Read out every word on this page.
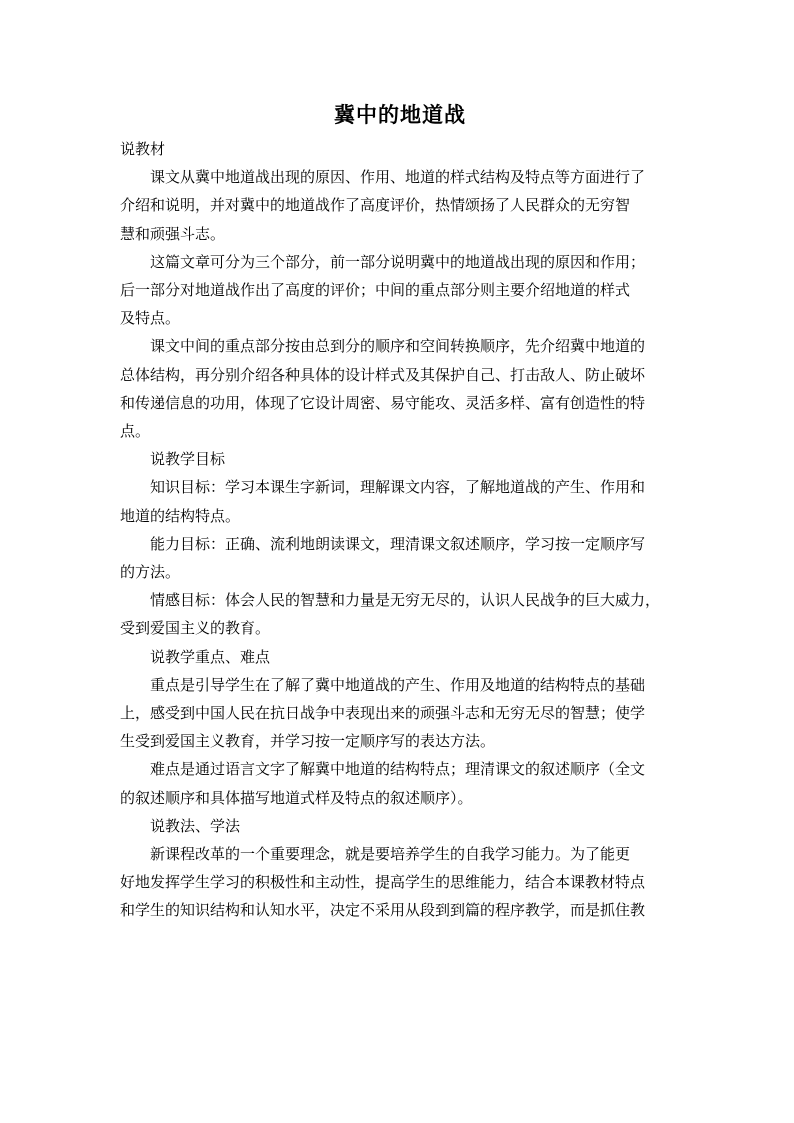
冀中的地道战

说教材

课文从冀中地道战出现的原因、作用、地道的样式结构及特点等方面进行了

介绍和说明，并对冀中的地道战作了高度评价，热情颂扬了人民群众的无穷智

慧和顽强斗志。

这篇文章可分为三个部分，前一部分说明冀中的地道战出现的原因和作用；

后一部分对地道战作出了高度的评价；中间的重点部分则主要介绍地道的样式

及特点。

课文中间的重点部分按由总到分的顺序和空间转换顺序，先介绍冀中地道的

总体结构，再分别介绍各种具体的设计样式及其保护自己、打击敌人、防止破坏

和传递信息的功用，体现了它设计周密、易守能攻、灵活多样、富有创造性的特

点。

说教学目标

知识目标：学习本课生字新词，理解课文内容，了解地道战的产生、作用和

地道的结构特点。

能力目标：正确、流利地朗读课文，理清课文叙述顺序，学习按一定顺序写

的方法。

情感目标：体会人民的智慧和力量是无穷无尽的，认识人民战争的巨大威力，

受到爱国主义的教育。

说教学重点、难点

重点是引导学生在了解了冀中地道战的产生、作用及地道的结构特点的基础

上，感受到中国人民在抗日战争中表现出来的顽强斗志和无穷无尽的智慧；使学

生受到爱国主义教育，并学习按一定顺序写的表达方法。

难点是通过语言文字了解冀中地道的结构特点；理清课文的叙述顺序（全文

的叙述顺序和具体描写地道式样及特点的叙述顺序）。

说教法、学法

新课程改革的一个重要理念，就是要培养学生的自我学习能力。为了能更

好地发挥学生学习的积极性和主动性，提高学生的思维能力，结合本课教材特点

和学生的知识结构和认知水平，决定不采用从段到到篇的程序教学，而是抓住教
